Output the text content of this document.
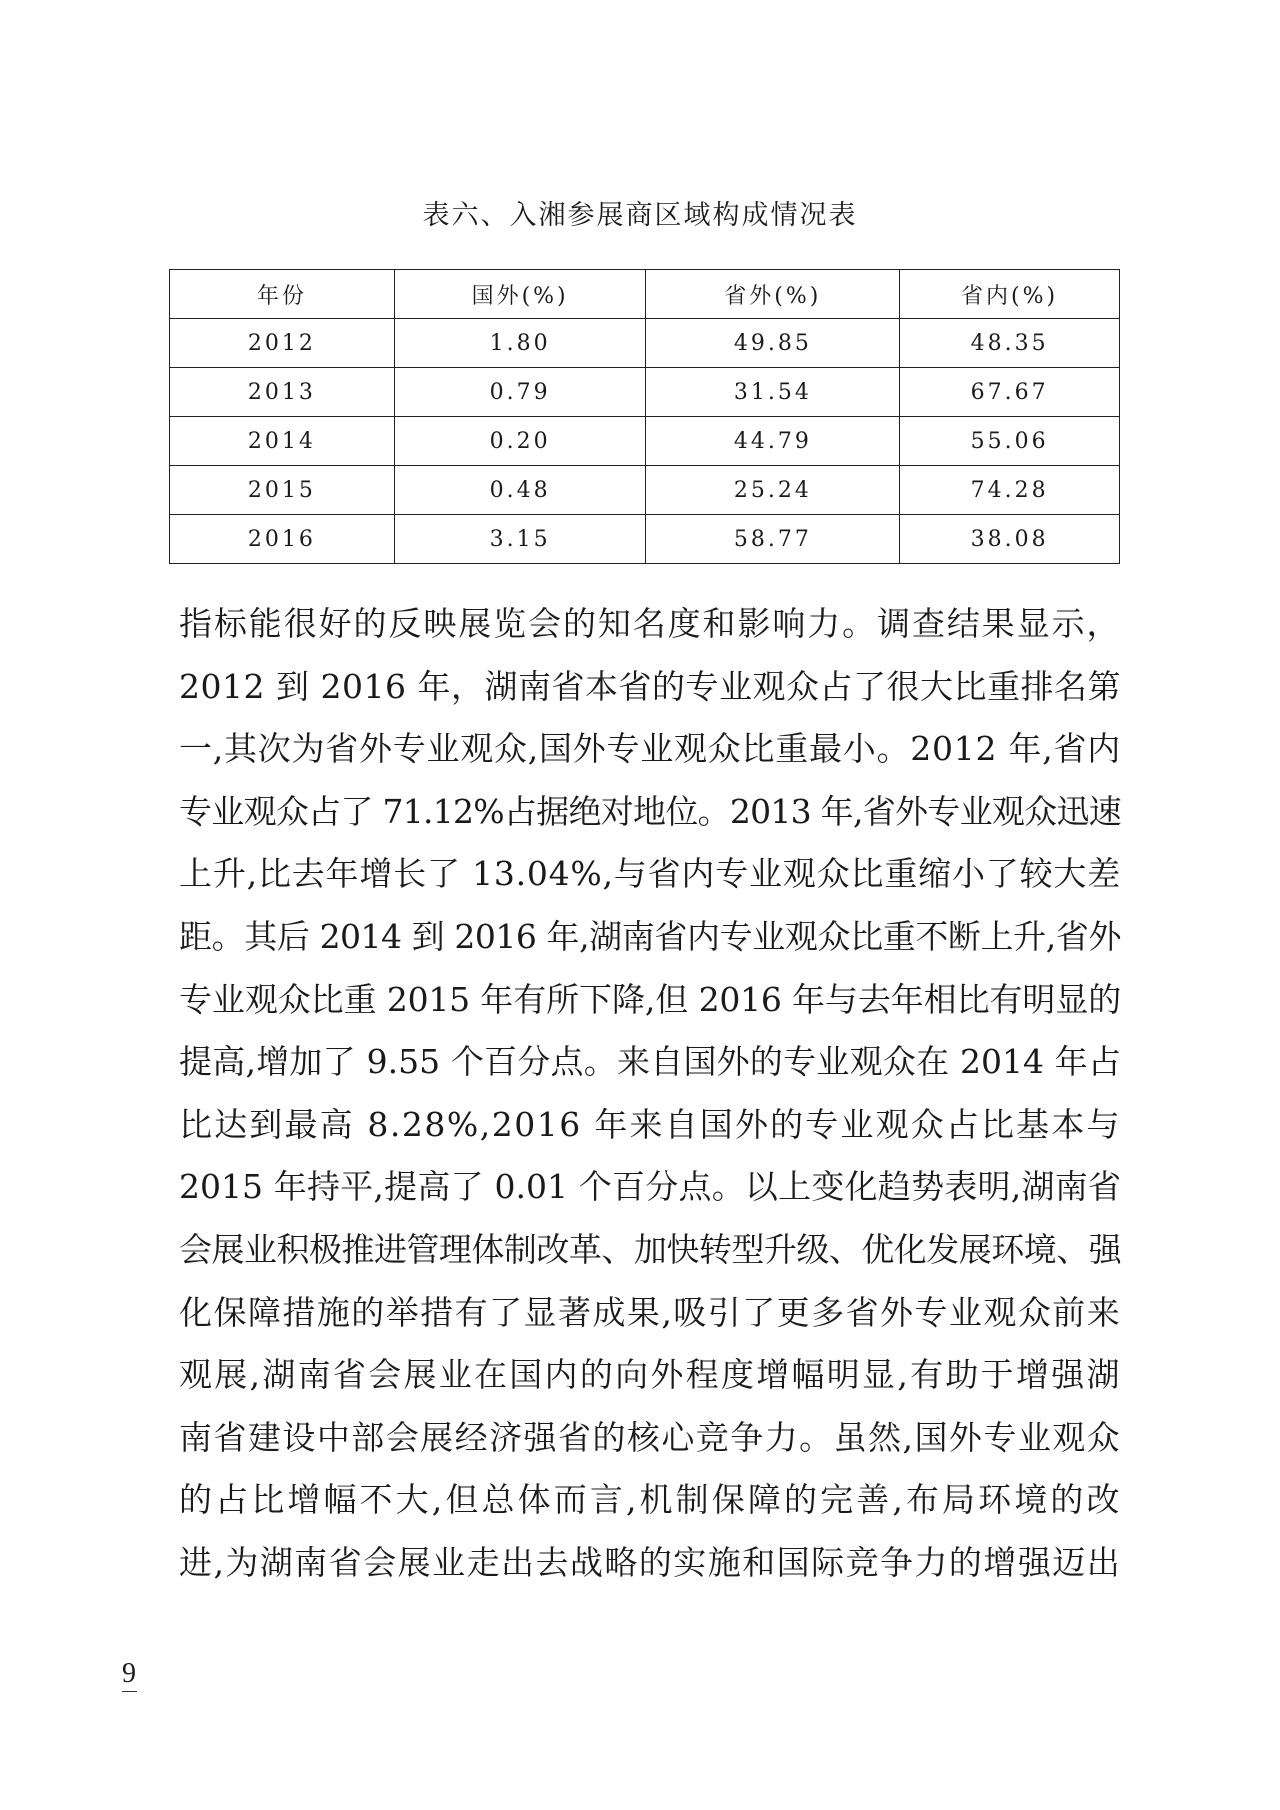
表六、入湘参展商区域构成情况表
年份	国外(%)	省外(%)	省内(%)
2012	1.80	49.85	48.35
2013	0.79	31.54	67.67
2014	0.20	44.79	55.06
2015	0.48	25.24	74.28
2016	3.15	58.77	38.08
指标能很好的反映展览会的知名度和影响力。调查结果显示，
2012 到 2016 年，湖南省本省的专业观众占了很大比重排名第
一,其次为省外专业观众,国外专业观众比重最小。2012 年,省内
专业观众占了 71.12%占据绝对地位。2013 年,省外专业观众迅速
上升,比去年增长了 13.04%,与省内专业观众比重缩小了较大差
距。其后 2014 到 2016 年,湖南省内专业观众比重不断上升,省外
专业观众比重 2015 年有所下降,但 2016 年与去年相比有明显的
提高,增加了 9.55 个百分点。来自国外的专业观众在 2014 年占
比达到最高 8.28%,2016 年来自国外的专业观众占比基本与
2015 年持平,提高了 0.01 个百分点。以上变化趋势表明,湖南省
会展业积极推进管理体制改革、加快转型升级、优化发展环境、强
化保障措施的举措有了显著成果,吸引了更多省外专业观众前来
观展,湖南省会展业在国内的向外程度增幅明显,有助于增强湖
南省建设中部会展经济强省的核心竞争力。虽然,国外专业观众
的占比增幅不大,但总体而言,机制保障的完善,布局环境的改
进,为湖南省会展业走出去战略的实施和国际竞争力的增强迈出
9
